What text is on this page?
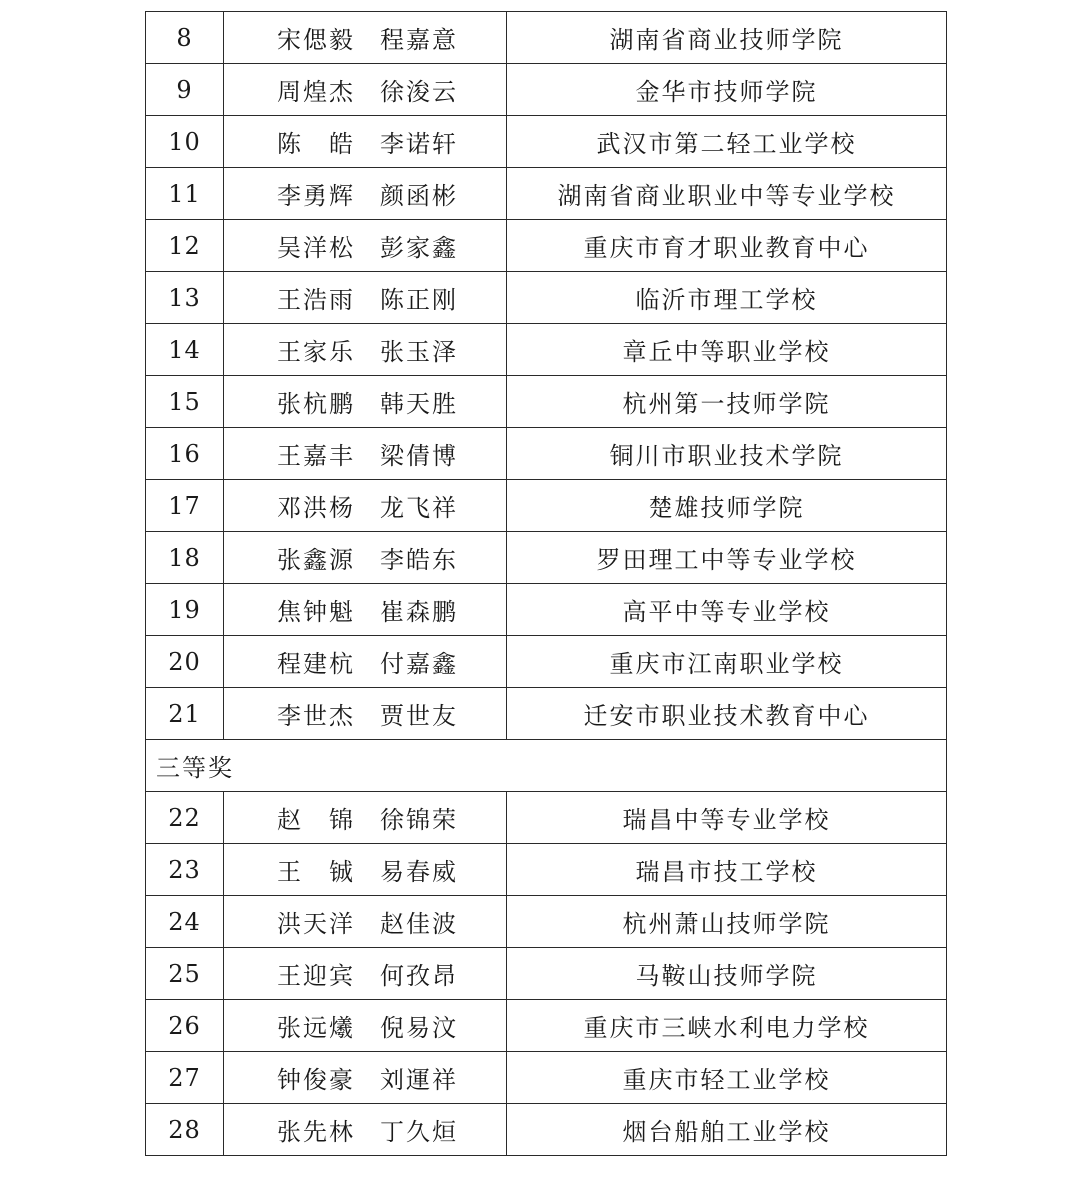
8	宋偲毅 程嘉意	湖南省商业技师学院
9	周煌杰 徐浚云	金华市技师学院
10	陈　皓 李诺轩	武汉市第二轻工业学校
11	李勇辉 颜函彬	湖南省商业职业中等专业学校
12	吴洋松 彭家鑫	重庆市育才职业教育中心
13	王浩雨 陈正刚	临沂市理工学校
14	王家乐 张玉泽	章丘中等职业学校
15	张杭鹏 韩天胜	杭州第一技师学院
16	王嘉丰 梁倩博	铜川市职业技术学院
17	邓洪杨 龙飞祥	楚雄技师学院
18	张鑫源 李皓东	罗田理工中等专业学校
19	焦钟魁 崔森鹏	高平中等专业学校
20	程建杭 付嘉鑫	重庆市江南职业学校
21	李世杰 贾世友	迁安市职业技术教育中心
三等奖		
22	赵　锦 徐锦荣	瑞昌中等专业学校
23	王　铖 易春威	瑞昌市技工学校
24	洪天洋 赵佳波	杭州萧山技师学院
25	王迎宾 何孜昂	马鞍山技师学院
26	张远爔 倪易汶	重庆市三峡水利电力学校
27	钟俊豪 刘運祥	重庆市轻工业学校
28	张先林 丁久烜	烟台船舶工业学校
